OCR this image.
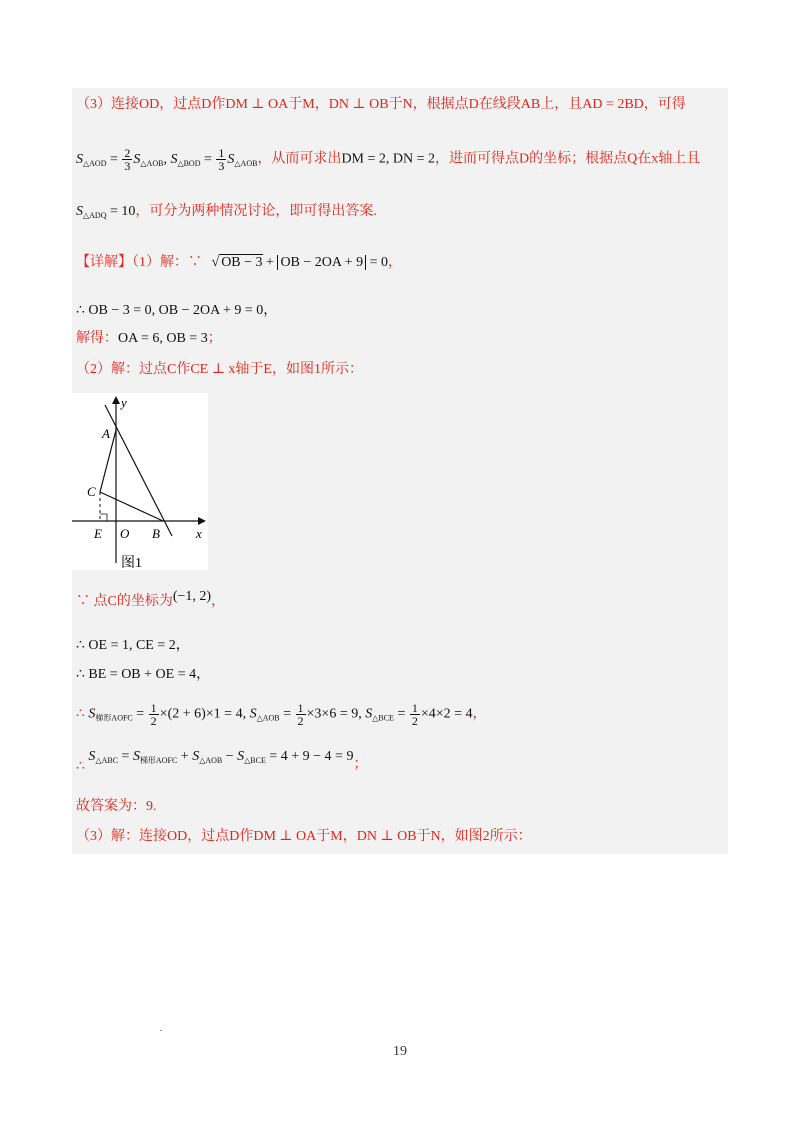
（3）连接OD，过点D作DM ⊥ OA于M，DN ⊥ OB于N，根据点D在线段AB上，且AD = 2BD，可得
$S_{\triangle AOD} = \frac{2}{3} S_{\triangle AOB}$, $S_{\triangle BOD} = \frac{1}{3} S_{\triangle AOB}$，从而可求出DM = 2, DN = 2，进而可得点D的坐标；根据点Q在x轴上且
$S_{\triangle ADQ} = 10$，可分为两种情况讨论，即可得出答案.
【详解】（1）解：∵ √ OB − 3 + OB − 2OA + 9 = 0，
∴ OB − 3 = 0, OB − 2OA + 9 = 0，
解得：OA = 6, OB = 3；
（2）解：过点C作CE ⊥ x轴于E，如图1所示：
y
x
A
C
E O B
图1
∵ 点C的坐标为(−1, 2)，
∴ OE = 1, CE = 2，
∴ BE = OB + OE = 4，
∴ $S_{梯形AOFC} = \frac{1}{2} \times(2 + 6)\times 1 = 4$, $S_{\triangle AOB} = \frac{1}{2} \times 3\times 6 = 9$, $S_{\triangle BCE} = \frac{1}{2} \times 4\times 2 = 4$，
∴ $S_{\triangle ABC} = S_{梯形AOFC} + S_{\triangle AOB} - S_{\triangle BCE} = 4 + 9 - 4 = 9$；
故答案为：9.
（3）解：连接OD，过点D作DM ⊥ OA于M，DN ⊥ OB于N，如图2所示：
19
